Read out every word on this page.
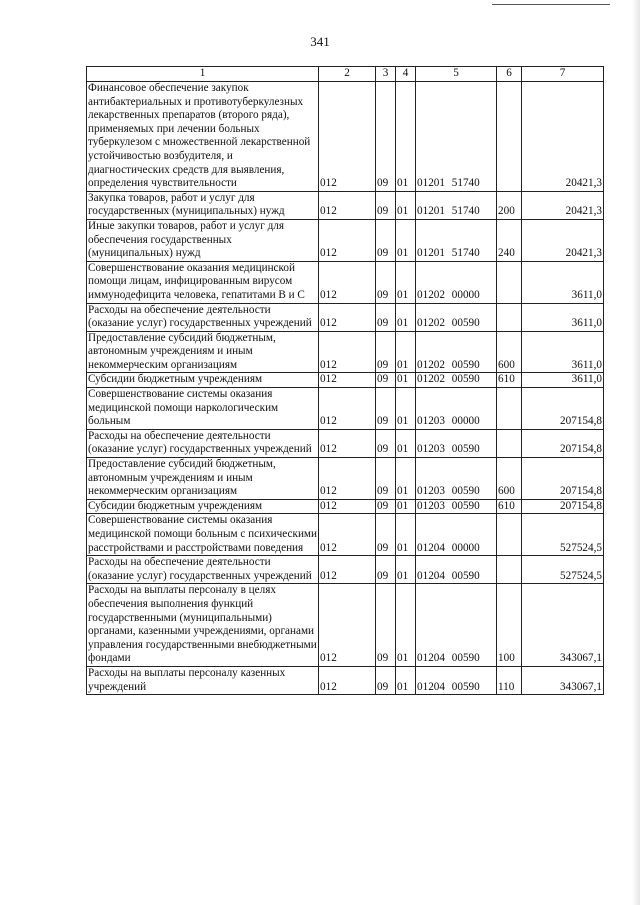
341
1	2	3	4	5	6	7
Финансовое обеспечение закупок антибактериальных и противотуберкулезных лекарственных препаратов (второго ряда), применяемых при лечении больных туберкулезом с множественной лекарственной устойчивостью возбудителя, и диагностических средств для выявления, определения чувствительности	012	09	01	01201 51740		20421,3
Закупка товаров, работ и услуг для государственных (муниципальных) нужд	012	09	01	01201 51740	200	20421,3
Иные закупки товаров, работ и услуг для обеспечения государственных (муниципальных) нужд	012	09	01	01201 51740	240	20421,3
Совершенствование оказания медицинской помощи лицам, инфицированным вирусом иммунодефицита человека, гепатитами В и С	012	09	01	01202 00000		3611,0
Расходы на обеспечение деятельности (оказание услуг) государственных учреждений	012	09	01	01202 00590		3611,0
Предоставление субсидий бюджетным, автономным учреждениям и иным некоммерческим организациям	012	09	01	01202 00590	600	3611,0
Субсидии бюджетным учреждениям	012	09	01	01202 00590	610	3611,0
Совершенствование системы оказания медицинской помощи наркологическим больным	012	09	01	01203 00000		207154,8
Расходы на обеспечение деятельности (оказание услуг) государственных учреждений	012	09	01	01203 00590		207154,8
Предоставление субсидий бюджетным, автономным учреждениям и иным некоммерческим организациям	012	09	01	01203 00590	600	207154,8
Субсидии бюджетным учреждениям	012	09	01	01203 00590	610	207154,8
Совершенствование системы оказания медицинской помощи больным с психическими расстройствами и расстройствами поведения	012	09	01	01204 00000		527524,5
Расходы на обеспечение деятельности (оказание услуг) государственных учреждений	012	09	01	01204 00590		527524,5
Расходы на выплаты персоналу в целях обеспечения выполнения функций государственными (муниципальными) органами, казенными учреждениями, органами управления государственными внебюджетными фондами	012	09	01	01204 00590	100	343067,1
Расходы на выплаты персоналу казенных учреждений	012	09	01	01204 00590	110	343067,1
